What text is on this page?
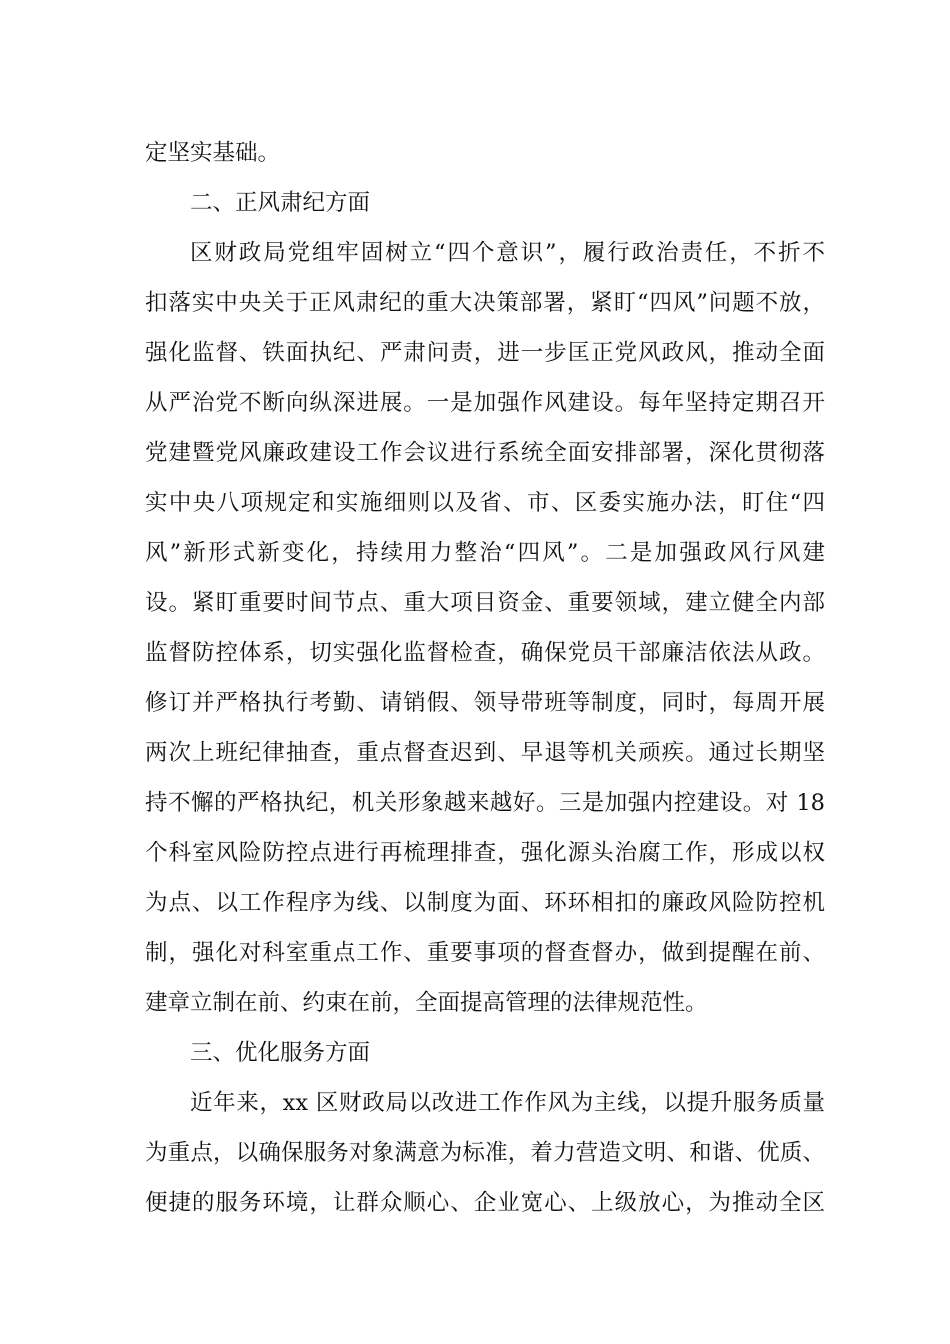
定坚实基础。
二、正风肃纪方面
区财政局党组牢固树立“四个意识”，履行政治责任，不折不
扣落实中央关于正风肃纪的重大决策部署，紧盯“四风”问题不放，
强化监督、铁面执纪、严肃问责，进一步匡正党风政风，推动全面
从严治党不断向纵深进展。一是加强作风建设。每年坚持定期召开
党建暨党风廉政建设工作会议进行系统全面安排部署，深化贯彻落
实中央八项规定和实施细则以及省、市、区委实施办法，盯住“四
风”新形式新变化，持续用力整治“四风”。二是加强政风行风建
设。紧盯重要时间节点、重大项目资金、重要领域，建立健全内部
监督防控体系，切实强化监督检查，确保党员干部廉洁依法从政。
修订并严格执行考勤、请销假、领导带班等制度，同时，每周开展
两次上班纪律抽查，重点督查迟到、早退等机关顽疾。通过长期坚
持不懈的严格执纪，机关形象越来越好。三是加强内控建设。对 18
个科室风险防控点进行再梳理排查，强化源头治腐工作，形成以权
为点、以工作程序为线、以制度为面、环环相扣的廉政风险防控机
制，强化对科室重点工作、重要事项的督查督办，做到提醒在前、
建章立制在前、约束在前，全面提高管理的法律规范性。
三、优化服务方面
近年来，xx 区财政局以改进工作作风为主线，以提升服务质量
为重点，以确保服务对象满意为标准，着力营造文明、和谐、优质、
便捷的服务环境，让群众顺心、企业宽心、上级放心，为推动全区
